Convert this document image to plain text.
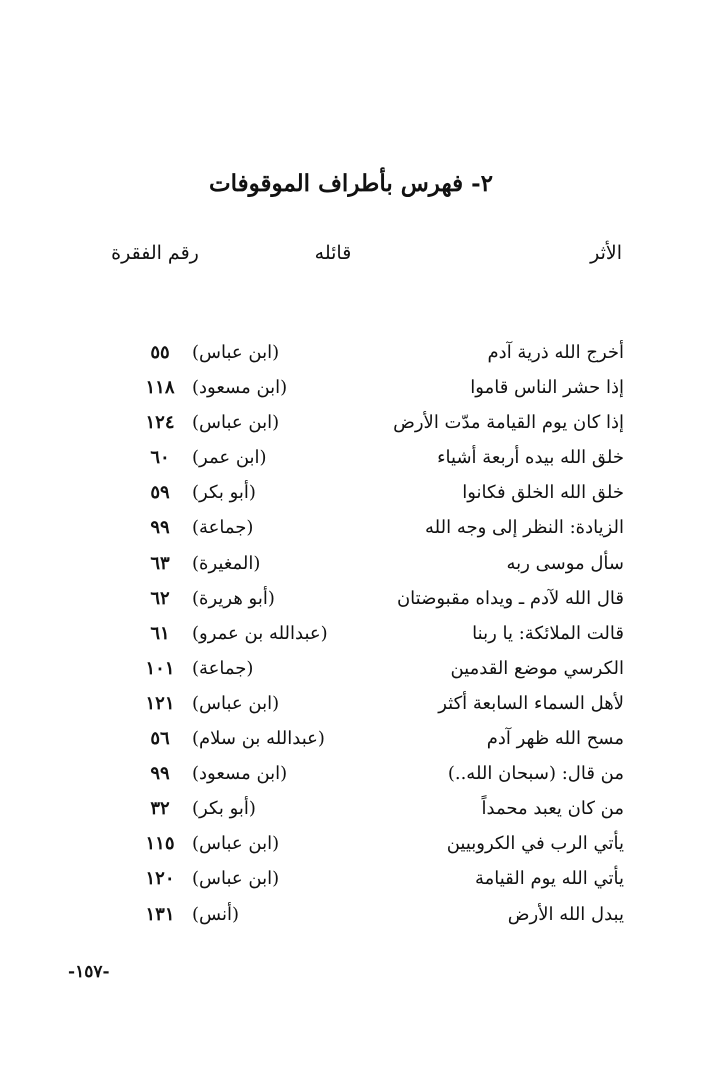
٢- فهرس بأطراف الموقوفات
الأثر
قائله
رقم الفقرة
أخرج الله ذرية آدم
(ابن عباس)
٥٥
إذا حشر الناس قاموا
(ابن مسعود)
١١٨
إذا كان يوم القيامة مدّت الأرض
(ابن عباس)
١٢٤
خلق الله بيده أربعة أشياء
(ابن عمر)
٦٠
خلق الله الخلق فكانوا
(أبو بكر)
٥٩
الزيادة: النظر إلى وجه الله
(جماعة)
٩٩
سأل موسى ربه
(المغيرة)
٦٣
قال الله لآدم ـ ويداه مقبوضتان
(أبو هريرة)
٦٢
قالت الملائكة: يا ربنا
(عبدالله بن عمرو)
٦١
الكرسي موضع القدمين
(جماعة)
١٠١
لأهل السماء السابعة أكثر
(ابن عباس)
١٢١
مسح الله ظهر آدم
(عبدالله بن سلام)
٥٦
من قال: (سبحان الله..)
(ابن مسعود)
٩٩
من كان يعبد محمداً
(أبو بكر)
٣٢
يأتي الرب في الكروبيين
(ابن عباس)
١١٥
يأتي الله يوم القيامة
(ابن عباس)
١٢٠
يبدل الله الأرض
(أنس)
١٣١
-١٥٧-
